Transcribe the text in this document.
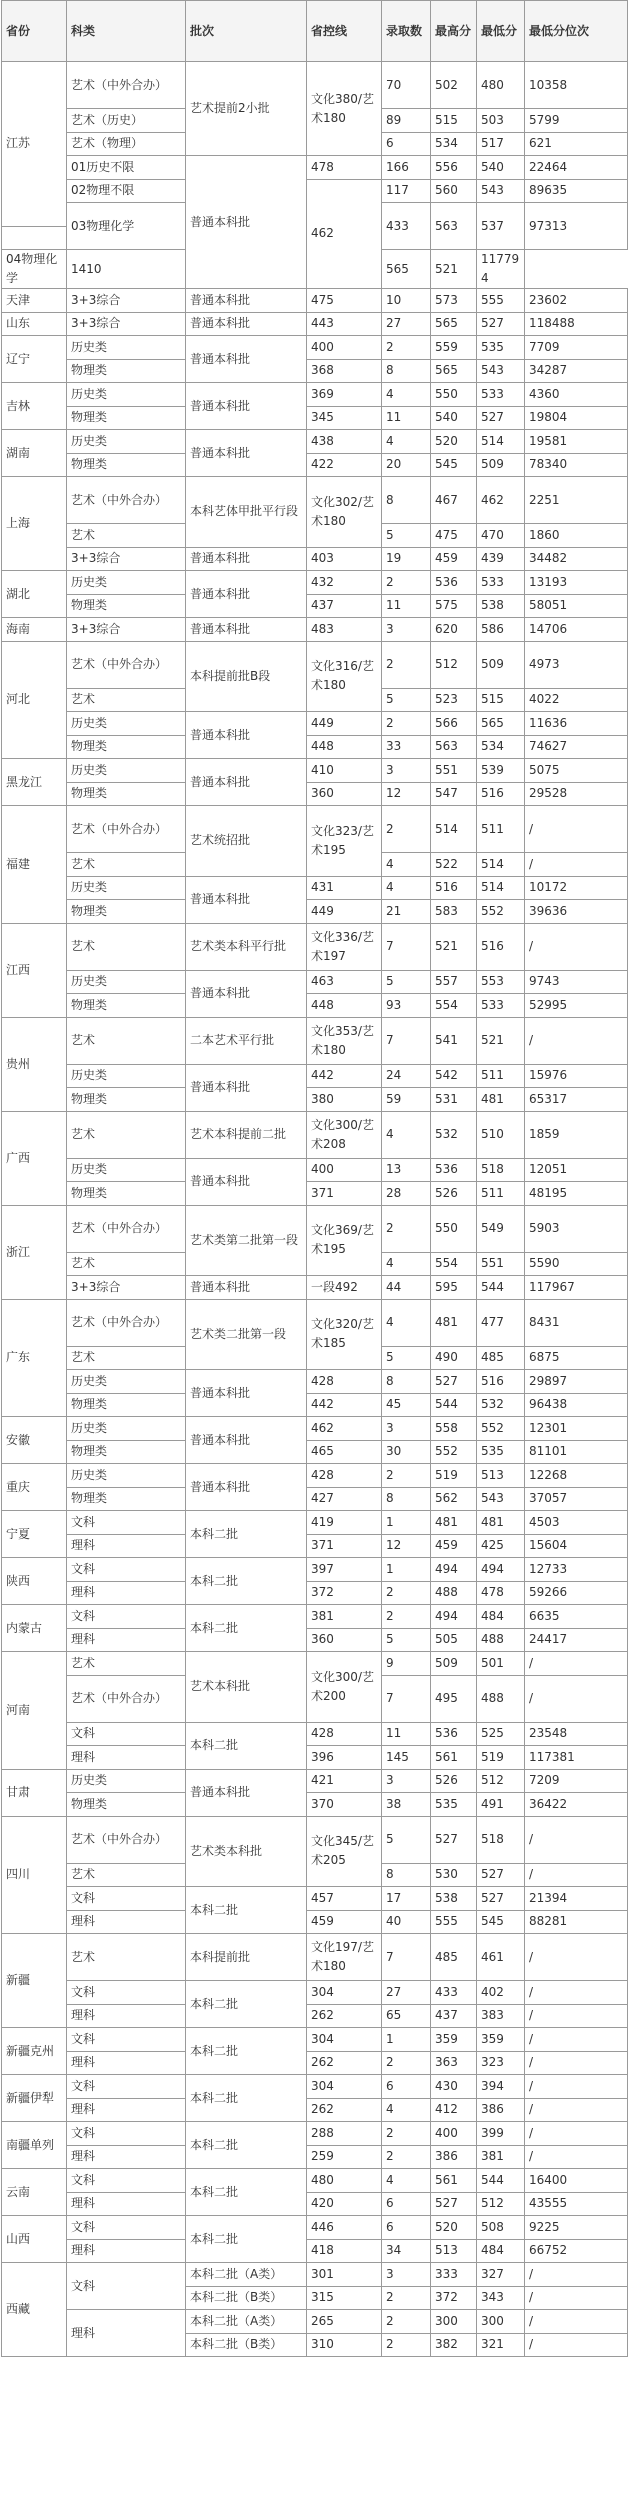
省份	科类	批次	省控线	录取数	最高分	最低分	最低分位次
江苏	艺术（中外合办）	艺术提前2小批	文化380/艺术180	70	502	480	10358

	艺术（历史）			89	515	503	5799
	艺术（物理）			6	534	517	621
	01历史不限	普通本科批	478	166	556	540	22464
	02物理不限		462	117	560	543	89635
	03物理化学			433	563	537	97313

04物理化学	1410			565	521	117794	
天津	3+3综合	普通本科批	475	10	573	555	23602
山东	3+3综合	普通本科批	443	27	565	527	118488
辽宁	历史类	普通本科批	400	2	559	535	7709
	物理类		368	8	565	543	34287
吉林	历史类	普通本科批	369	4	550	533	4360
	物理类		345	11	540	527	19804
湖南	历史类	普通本科批	438	4	520	514	19581
	物理类		422	20	545	509	78340
上海	艺术（中外合办）	本科艺体甲批平行段	文化302/艺术180	8	467	462	2251

	艺术			5	475	470	1860
	3+3综合	普通本科批	403	19	459	439	34482
湖北	历史类	普通本科批	432	2	536	533	13193
	物理类		437	11	575	538	58051
海南	3+3综合	普通本科批	483	3	620	586	14706
河北	艺术（中外合办）	本科提前批B段	文化316/艺术180	2	512	509	4973

	艺术			5	523	515	4022
	历史类	普通本科批	449	2	566	565	11636
	物理类		448	33	563	534	74627
黑龙江	历史类	普通本科批	410	3	551	539	5075
	物理类		360	12	547	516	29528
福建	艺术（中外合办）	艺术统招批	文化323/艺术195	2	514	511	/

	艺术			4	522	514	/
	历史类	普通本科批	431	4	516	514	10172
	物理类		449	21	583	552	39636
江西	艺术	艺术类本科平行批	文化336/艺术197	7	521	516	/

	历史类	普通本科批	463	5	557	553	9743
	物理类		448	93	554	533	52995
贵州	艺术	二本艺术平行批	文化353/艺术180	7	541	521	/

	历史类	普通本科批	442	24	542	511	15976
	物理类		380	59	531	481	65317
广西	艺术	艺术本科提前二批	文化300/艺术208	4	532	510	1859

	历史类	普通本科批	400	13	536	518	12051
	物理类		371	28	526	511	48195
浙江	艺术（中外合办）	艺术类第二批第一段	文化369/艺术195	2	550	549	5903

	艺术			4	554	551	5590
	3+3综合	普通本科批	一段492	44	595	544	117967
广东	艺术（中外合办）	艺术类二批第一段	文化320/艺术185	4	481	477	8431

	艺术			5	490	485	6875
	历史类	普通本科批	428	8	527	516	29897
	物理类		442	45	544	532	96438
安徽	历史类	普通本科批	462	3	558	552	12301
	物理类		465	30	552	535	81101
重庆	历史类	普通本科批	428	2	519	513	12268
	物理类		427	8	562	543	37057
宁夏	文科	本科二批	419	1	481	481	4503
	理科		371	12	459	425	15604
陕西	文科	本科二批	397	1	494	494	12733
	理科		372	2	488	478	59266
内蒙古	文科	本科二批	381	2	494	484	6635
	理科		360	5	505	488	24417
河南	艺术	艺术本科批	文化300/艺术200	9	509	501	/
	艺术（中外合办）			7	495	488	/

	文科	本科二批	428	11	536	525	23548
	理科		396	145	561	519	117381
甘肃	历史类	普通本科批	421	3	526	512	7209
	物理类		370	38	535	491	36422
四川	艺术（中外合办）	艺术类本科批	文化345/艺术205	5	527	518	/

	艺术			8	530	527	/
	文科	本科二批	457	17	538	527	21394
	理科		459	40	555	545	88281
新疆	艺术	本科提前批	文化197/艺术180	7	485	461	/

	文科	本科二批	304	27	433	402	/
	理科		262	65	437	383	/
新疆克州	文科	本科二批	304	1	359	359	/
	理科		262	2	363	323	/
新疆伊犁	文科	本科二批	304	6	430	394	/
	理科		262	4	412	386	/
南疆单列	文科	本科二批	288	2	400	399	/
	理科		259	2	386	381	/
云南	文科	本科二批	480	4	561	544	16400
	理科		420	6	527	512	43555
山西	文科	本科二批	446	6	520	508	9225
	理科		418	34	513	484	66752
西藏	文科	本科二批（A类）	301	3	333	327	/
		本科二批（B类）	315	2	372	343	/
	理科	本科二批（A类）	265	2	300	300	/
		本科二批（B类）	310	2	382	321	/
